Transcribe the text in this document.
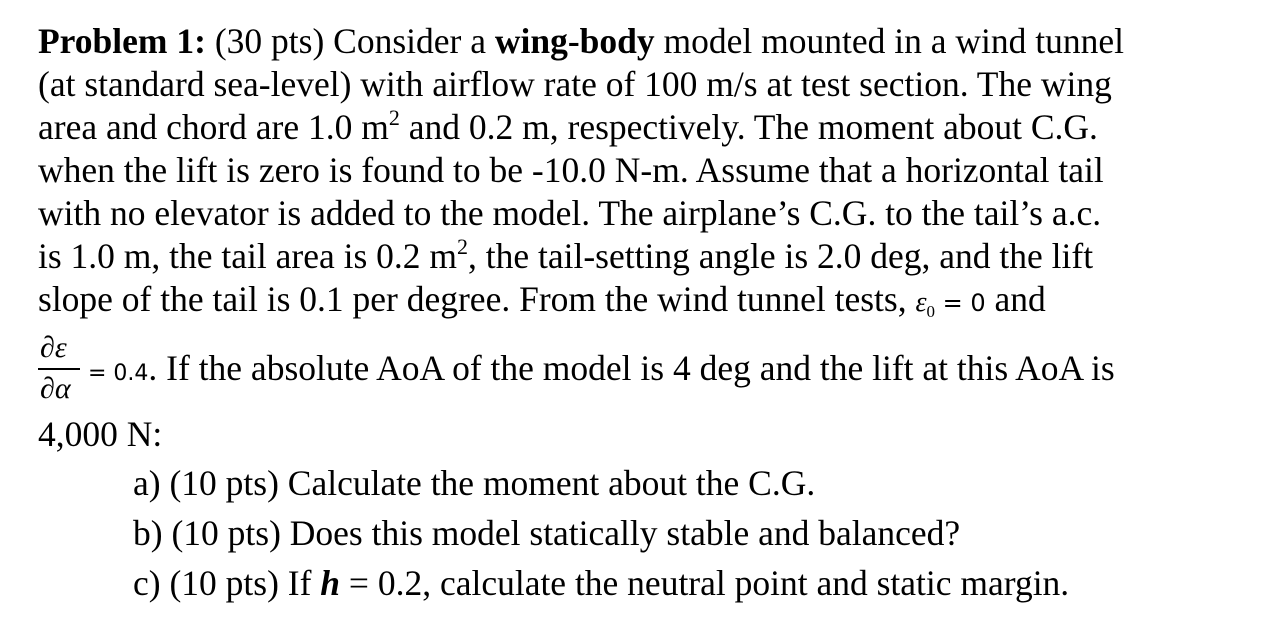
Problem 1: (30 pts) Consider a wing-body model mounted in a wind tunnel
(at standard sea-level) with airflow rate of 100 m/s at test section. The wing
area and chord are 1.0 $m^2$ and 0.2 m, respectively. The moment about C.G.
when the lift is zero is found to be -10.0 N-m. Assume that a horizontal tail
with no elevator is added to the model. The airplane’s C.G. to the tail’s a.c.
is 1.0 m, the tail area is 0.2 $m^2$, the tail-setting angle is 2.0 deg, and the lift
slope of the tail is 0.1 per degree. From the wind tunnel tests, $\varepsilon_0 = 0$ and
∂ε
∂α = 0.4. If the absolute AoA of the model is 4 deg and the lift at this AoA is
4,000 N:
a) (10 pts) Calculate the moment about the C.G.
b) (10 pts) Does this model statically stable and balanced?
c) (10 pts) If h = 0.2, calculate the neutral point and static margin.
